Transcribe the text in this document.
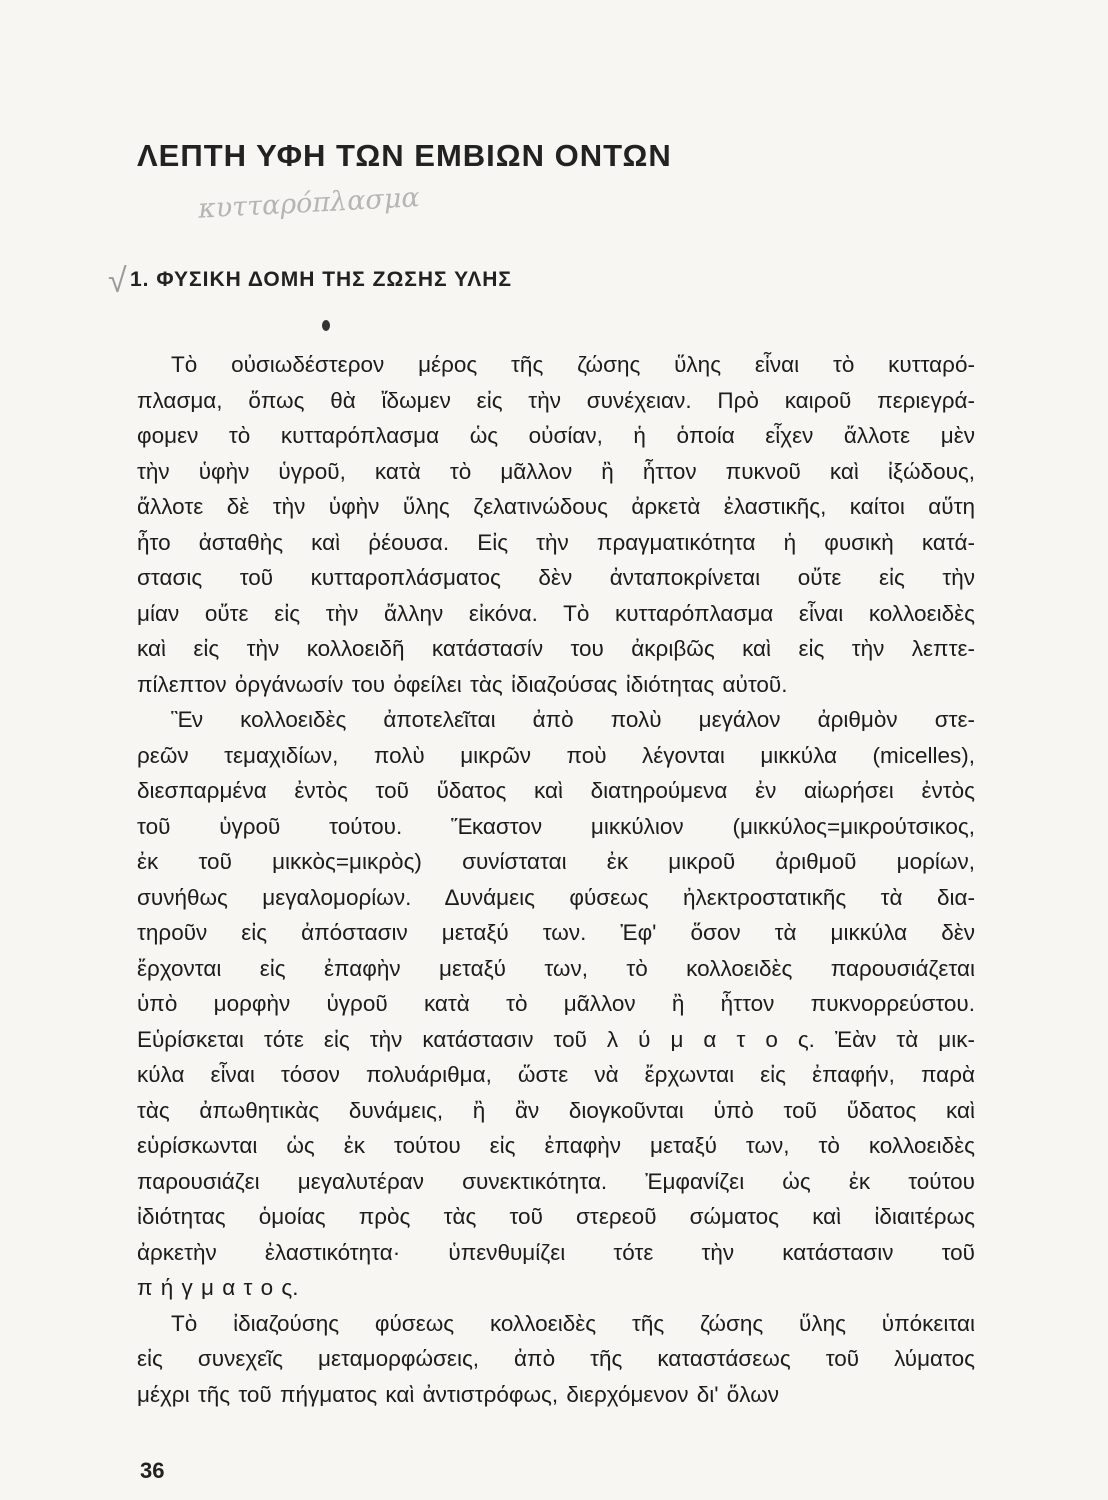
ΛΕΠΤΗ ΥΦΗ ΤΩΝ ΕΜΒΙΩΝ ΟΝΤΩΝ
κυτταρόπλασμα
√ 1. ΦΥΣΙΚΗ ΔΟΜΗ ΤΗΣ ΖΩΣΗΣ ΥΛΗΣ
Τὸ οὐσιωδέστερον μέρος τῆς ζώσης ὕλης εἶναι τὸ κυτταρό-
πλασμα, ὅπως θὰ ἴδωμεν εἰς τὴν συνέχειαν. Πρὸ καιροῦ περιεγρά-
φομεν τὸ κυτταρόπλασμα ὡς οὐσίαν, ἡ ὁποία εἶχεν ἄλλοτε μὲν
τὴν ὑφὴν ὑγροῦ, κατὰ τὸ μᾶλλον ἢ ἧττον πυκνοῦ καὶ ἰξώδους,
ἄλλοτε δὲ τὴν ὑφὴν ὕλης ζελατινώδους ἀρκετὰ ἐλαστικῆς, καίτοι αὕτη
ἦτο ἀσταθὴς καὶ ῥέουσα. Εἰς τὴν πραγματικότητα ἡ φυσικὴ κατά-
στασις τοῦ κυτταροπλάσματος δὲν ἀνταποκρίνεται οὔτε εἰς τὴν
μίαν οὔτε εἰς τὴν ἄλλην εἰκόνα. Τὸ κυτταρόπλασμα εἶναι κολλοειδὲς
καὶ εἰς τὴν κολλοειδῆ κατάστασίν του ἀκριβῶς καὶ εἰς τὴν λεπτε-
πίλεπτον ὀργάνωσίν του ὀφείλει τὰς ἰδιαζούσας ἰδιότητας αὐτοῦ.
Ἓν κολλοειδὲς ἀποτελεῖται ἀπὸ πολὺ μεγάλον ἀριθμὸν στε-
ρεῶν τεμαχιδίων, πολὺ μικρῶν ποὺ λέγονται μικκύλα (micelles),
διεσπαρμένα ἐντὸς τοῦ ὕδατος καὶ διατηρούμενα ἐν αἰωρήσει ἐντὸς
τοῦ ὑγροῦ τούτου. Ἕκαστον μικκύλιον (μικκύλος=μικρούτσικος,
ἐκ τοῦ μικκὸς=μικρὸς) συνίσταται ἐκ μικροῦ ἀριθμοῦ μορίων,
συνήθως μεγαλομορίων. Δυνάμεις φύσεως ἠλεκτροστατικῆς τὰ δια-
τηροῦν εἰς ἀπόστασιν μεταξύ των. Ἐφ' ὅσον τὰ μικκύλα δὲν
ἔρχονται εἰς ἐπαφὴν μεταξύ των, τὸ κολλοειδὲς παρουσιάζεται
ὑπὸ μορφὴν ὑγροῦ κατὰ τὸ μᾶλλον ἢ ἧττον πυκνορρεύστου.
Εὑρίσκεται τότε εἰς τὴν κατάστασιν τοῦ λ ύ μ α τ ο ς. Ἐὰν τὰ μικ-
κύλα εἶναι τόσον πολυάριθμα, ὥστε νὰ ἔρχωνται εἰς ἐπαφήν, παρὰ
τὰς ἀπωθητικὰς δυνάμεις, ἢ ἂν διογκοῦνται ὑπὸ τοῦ ὕδατος καὶ
εὑρίσκωνται ὡς ἐκ τούτου εἰς ἐπαφὴν μεταξύ των, τὸ κολλοειδὲς
παρουσιάζει μεγαλυτέραν συνεκτικότητα. Ἐμφανίζει ὡς ἐκ τούτου
ἰδιότητας ὁμοίας πρὸς τὰς τοῦ στερεοῦ σώματος καὶ ἰδιαιτέρως
ἀρκετὴν ἐλαστικότητα· ὑπενθυμίζει τότε τὴν κατάστασιν τοῦ
π ή γ μ α τ ο ς.
Τὸ ἰδιαζούσης φύσεως κολλοειδὲς τῆς ζώσης ὕλης ὑπόκειται
εἰς συνεχεῖς μεταμορφώσεις, ἀπὸ τῆς καταστάσεως τοῦ λύματος
μέχρι τῆς τοῦ πήγματος καὶ ἀντιστρόφως, διερχόμενον δι' ὅλων
36
